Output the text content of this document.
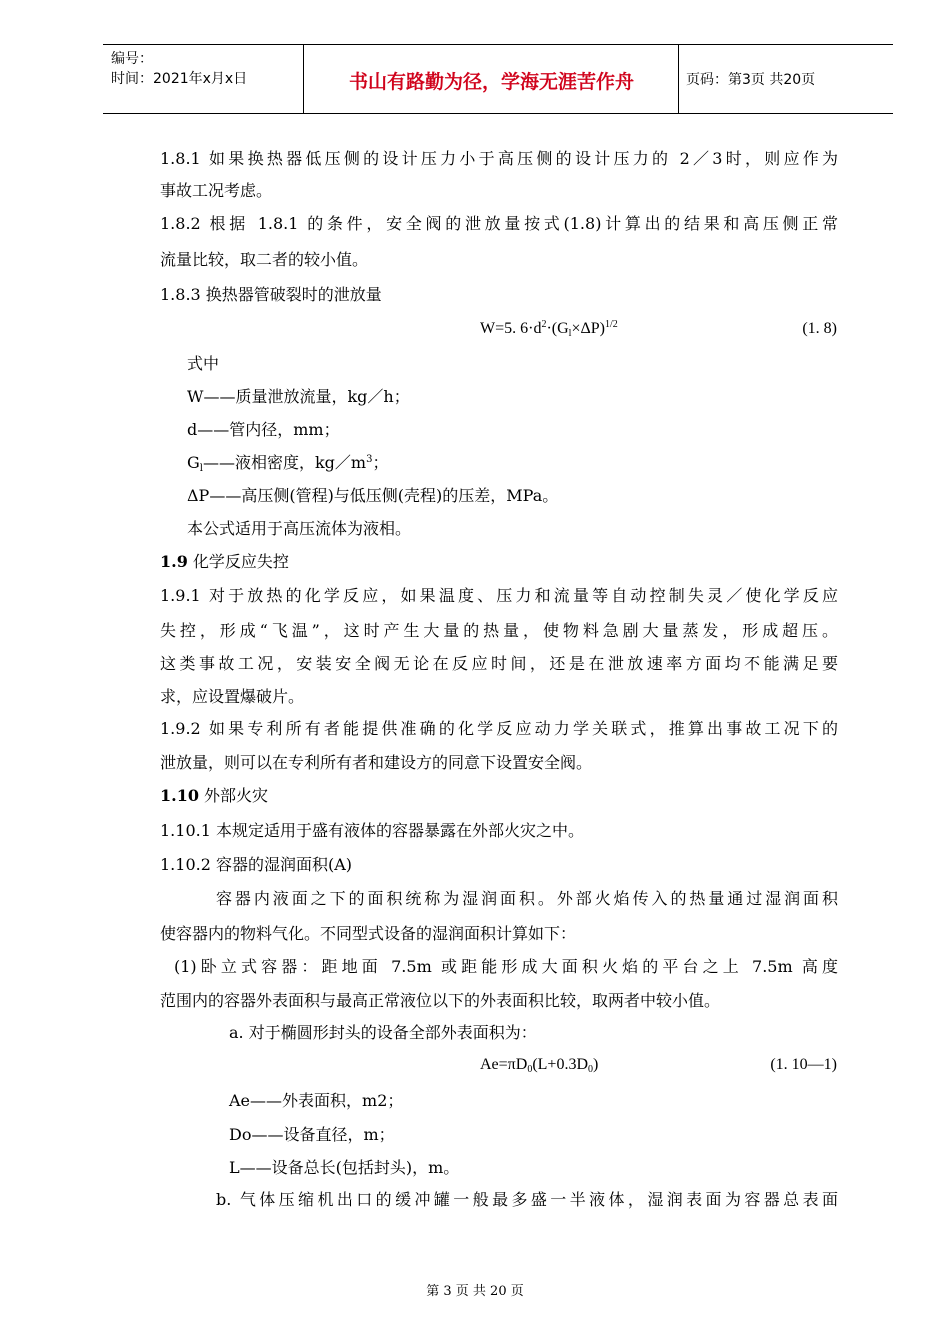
编号：
时间：2021年x月x日	书山有路勤为径，学海无涯苦作舟	页码：第3页 共20页
1.8.1 如果换热器低压侧的设计压力小于高压侧的设计压力的 2／3时，则应作为
事故工况考虑。
1.8.2 根据 1.8.1 的条件，安全阀的泄放量按式(1.8)计算出的结果和高压侧正常
流量比较，取二者的较小值。
1.8.3 换热器管破裂时的泄放量
W=5. $6\cdot d^2\cdot(G_l\times\Delta P)^{1/2}$	(1. 8)
式中
W——质量泄放流量，kg／h；
d——管内径，mm；
$G_l——$液相密度，$kg/m^3$；
ΔP——高压侧(管程)与低压侧(壳程)的压差，MPa。
本公式适用于高压流体为液相。
1.9 化学反应失控
1.9.1 对于放热的化学反应，如果温度、压力和流量等自动控制失灵／使化学反应
失控，形成“飞温”，这时产生大量的热量，使物料急剧大量蒸发，形成超压。
这类事故工况，安装安全阀无论在反应时间，还是在泄放速率方面均不能满足要
求，应设置爆破片。
1.9.2 如果专利所有者能提供准确的化学反应动力学关联式，推算出事故工况下的
泄放量，则可以在专利所有者和建设方的同意下设置安全阀。
1.10 外部火灾
1.10.1 本规定适用于盛有液体的容器暴露在外部火灾之中。
1.10.2 容器的湿润面积(A)
容器内液面之下的面积统称为湿润面积。外部火焰传入的热量通过湿润面积
使容器内的物料气化。不同型式设备的湿润面积计算如下：
(1)卧立式容器：距地面 7.5m 或距能形成大面积火焰的平台之上 7.5m 高度
范围内的容器外表面积与最高正常液位以下的外表面积比较，取两者中较小值。
a. 对于椭圆形封头的设备全部外表面积为：
$Ae=\pi D_0(L+0.3D_0)$	(1. 10—1)
Ae——外表面积，m2；
Do——设备直径，m；
L——设备总长(包括封头)，m。
b. 气体压缩机出口的缓冲罐一般最多盛一半液体，湿润表面为容器总表面
第 3 页 共 20 页
